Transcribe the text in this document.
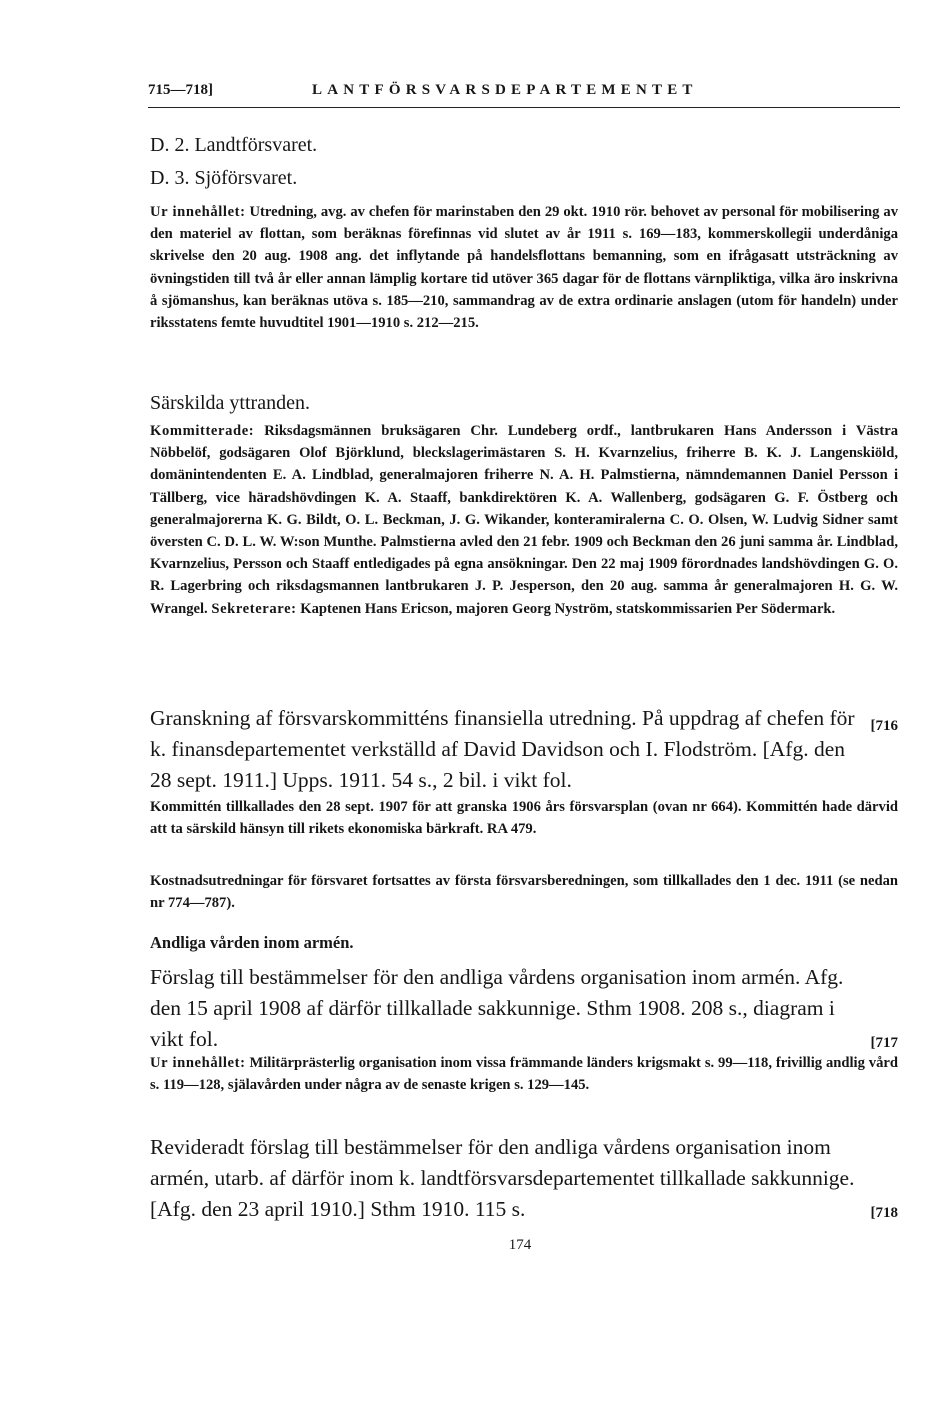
715—718]	LANTFÖRSVARSDEPARTEMENTET
D. 2. Landtförsvaret.
D. 3. Sjöförsvaret.
Ur innehållet: Utredning, avg. av chefen för marinstaben den 29 okt. 1910 rör. behovet av personal för mobilisering av den materiel av flottan, som beräknas förefinnas vid slutet av år 1911 s. 169—183, kommerskollegii underdåniga skrivelse den 20 aug. 1908 ang. det inflytande på handelsflottans bemanning, som en ifrågasatt utsträckning av övningstiden till två år eller annan lämplig kortare tid utöver 365 dagar för de flottans värnpliktiga, vilka äro inskrivna å sjömanshus, kan beräknas utöva s. 185—210, sammandrag av de extra ordinarie anslagen (utom för handeln) under riksstatens femte huvudtitel 1901—1910 s. 212—215.
Särskilda yttranden.
Kommitterade: Riksdagsmännen bruksägaren Chr. Lundeberg ordf., lantbrukaren Hans Andersson i Västra Nöbbelöf, godsägaren Olof Björklund, bleckslagerimästaren S. H. Kvarnzelius, friherre B. K. J. Langenskiöld, domänintendenten E. A. Lindblad, generalmajoren friherre N. A. H. Palmstierna, nämndemannen Daniel Persson i Tällberg, vice häradshövdingen K. A. Staaff, bankdirektören K. A. Wallenberg, godsägaren G. F. Östberg och generalmajorerna K. G. Bildt, O. L. Beckman, J. G. Wikander, konteramiralerna C. O. Olsen, W. Ludvig Sidner samt översten C. D. L. W. W:son Munthe. Palmstierna avled den 21 febr. 1909 och Beckman den 26 juni samma år. Lindblad, Kvarnzelius, Persson och Staaff entledigades på egna ansökningar. Den 22 maj 1909 förordnades landshövdingen G. O. R. Lagerbring och riksdagsmannen lantbrukaren J. P. Jesperson, den 20 aug. samma år generalmajoren H. G. W. Wrangel. Sekreterare: Kaptenen Hans Ericson, majoren Georg Nyström, statskommissarien Per Södermark.
[716
Granskning af försvarskommitténs finansiella utredning. På uppdrag af chefen för k. finansdepartementet verkställd af David Davidson och I. Flodström. [Afg. den 28 sept. 1911.] Upps. 1911. 54 s., 2 bil. i vikt fol.
Kommittén tillkallades den 28 sept. 1907 för att granska 1906 års försvarsplan (ovan nr 664). Kommittén hade därvid att ta särskild hänsyn till rikets ekonomiska bärkraft. RA 479.
Kostnadsutredningar för försvaret fortsattes av första försvarsberedningen, som tillkallades den 1 dec. 1911 (se nedan nr 774—787).
Andliga vården inom armén.
[717
Förslag till bestämmelser för den andliga vårdens organisation inom armén. Afg. den 15 april 1908 af därför tillkallade sakkunnige. Sthm 1908. 208 s., diagram i vikt fol.
Ur innehållet: Militärprästerlig organisation inom vissa främmande länders krigsmakt s. 99—118, frivillig andlig vård s. 119—128, själavården under några av de senaste krigen s. 129—145.
[718
Revideradt förslag till bestämmelser för den andliga vårdens organisation inom armén, utarb. af därför inom k. landtförsvarsdepartementet tillkallade sakkunnige. [Afg. den 23 april 1910.] Sthm 1910. 115 s.
174
